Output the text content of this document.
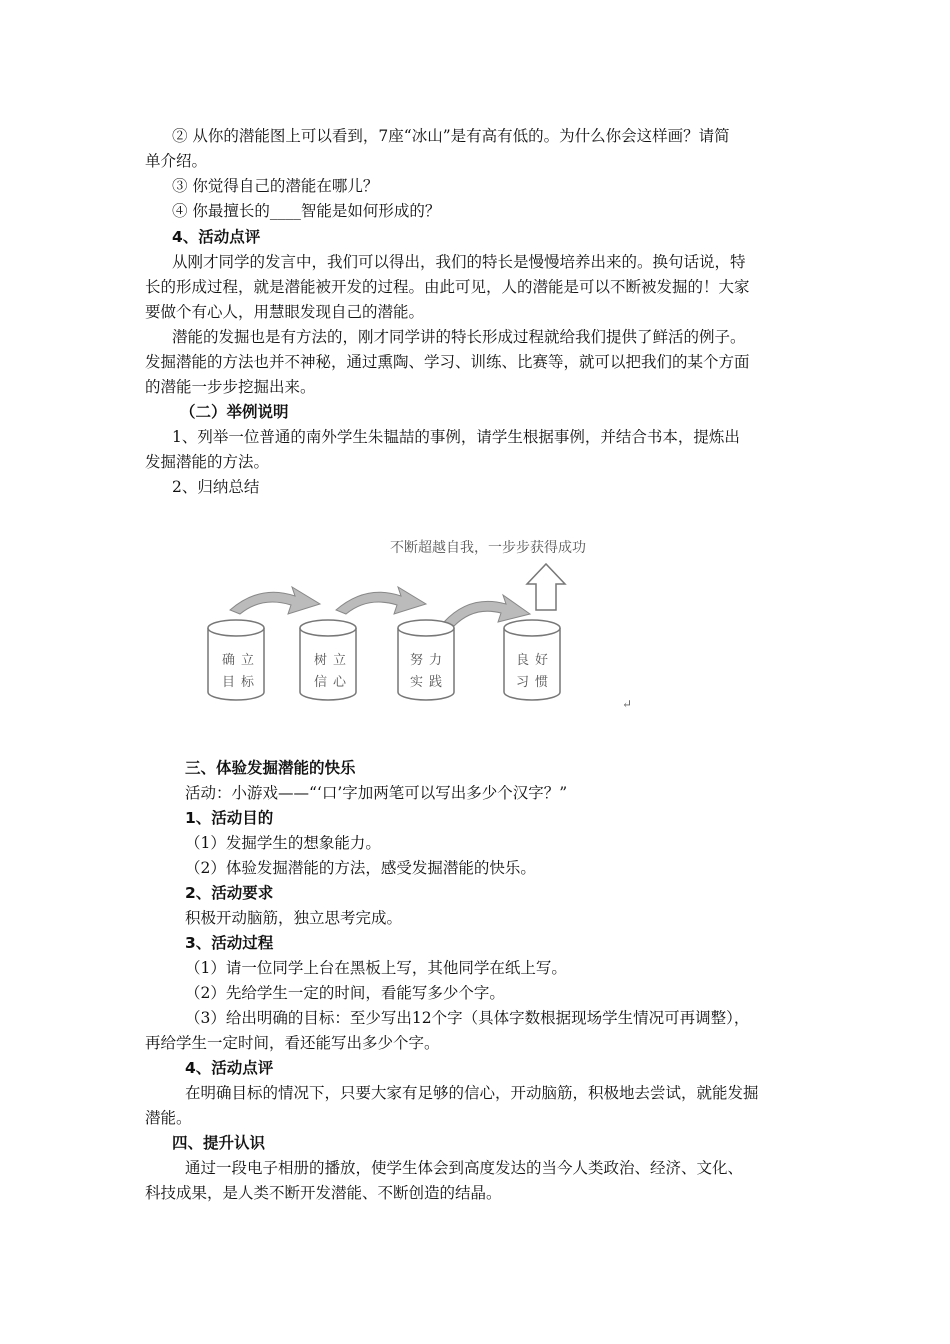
② 从你的潜能图上可以看到，7座“冰山”是有高有低的。为什么你会这样画？请简
单介绍。
③ 你觉得自己的潜能在哪儿？
④ 你最擅长的____智能是如何形成的？
4、活动点评
从刚才同学的发言中，我们可以得出，我们的特长是慢慢培养出来的。换句话说，特
长的形成过程，就是潜能被开发的过程。由此可见，人的潜能是可以不断被发掘的！大家
要做个有心人，用慧眼发现自己的潜能。
潜能的发掘也是有方法的，刚才同学讲的特长形成过程就给我们提供了鲜活的例子。
发掘潜能的方法也并不神秘，通过熏陶、学习、训练、比赛等，就可以把我们的某个方面
的潜能一步步挖掘出来。
（二）举例说明
1、列举一位普通的南外学生朱韫喆的事例，请学生根据事例，并结合书本，提炼出
发掘潜能的方法。
2、归纳总结
不断超越自我，一步步获得成功
确立
目标
树立
信心
努力
实践
良好
习惯
↵
三、体验发掘潜能的快乐
活动：小游戏——“‘口’字加两笔可以写出多少个汉字？”
1、活动目的
（1）发掘学生的想象能力。
（2）体验发掘潜能的方法，感受发掘潜能的快乐。
2、活动要求
积极开动脑筋，独立思考完成。
3、活动过程
（1）请一位同学上台在黑板上写，其他同学在纸上写。
（2）先给学生一定的时间，看能写多少个字。
（3）给出明确的目标：至少写出12个字（具体字数根据现场学生情况可再调整），
再给学生一定时间，看还能写出多少个字。
4、活动点评
在明确目标的情况下，只要大家有足够的信心，开动脑筋，积极地去尝试，就能发掘
潜能。
四、提升认识
通过一段电子相册的播放，使学生体会到高度发达的当今人类政治、经济、文化、
科技成果，是人类不断开发潜能、不断创造的结晶。
